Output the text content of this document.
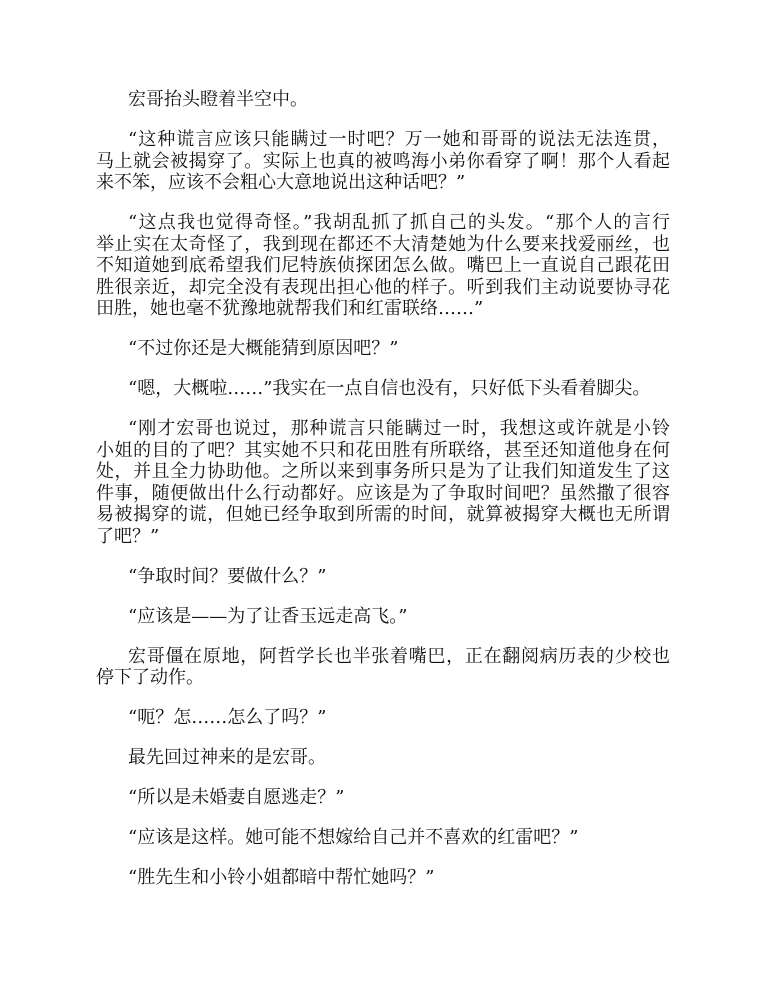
宏哥抬头瞪着半空中。
“这种谎言应该只能瞒过一时吧？万一她和哥哥的说法无法连贯，
马上就会被揭穿了。实际上也真的被鸣海小弟你看穿了啊！那个人看起
来不笨，应该不会粗心大意地说出这种话吧？”
“这点我也觉得奇怪。”我胡乱抓了抓自己的头发。“那个人的言行
举止实在太奇怪了，我到现在都还不大清楚她为什么要来找爱丽丝，也
不知道她到底希望我们尼特族侦探团怎么做。嘴巴上一直说自己跟花田
胜很亲近，却完全没有表现出担心他的样子。听到我们主动说要协寻花
田胜，她也毫不犹豫地就帮我们和红雷联络……”
“不过你还是大概能猜到原因吧？”
“嗯，大概啦……”我实在一点自信也没有，只好低下头看着脚尖。
“刚才宏哥也说过，那种谎言只能瞒过一时，我想这或许就是小铃
小姐的目的了吧？其实她不只和花田胜有所联络，甚至还知道他身在何
处，并且全力协助他。之所以来到事务所只是为了让我们知道发生了这
件事，随便做出什么行动都好。应该是为了争取时间吧？虽然撒了很容
易被揭穿的谎，但她已经争取到所需的时间，就算被揭穿大概也无所谓
了吧？”
“争取时间？要做什么？”
“应该是——为了让香玉远走高飞。”
宏哥僵在原地，阿哲学长也半张着嘴巴，正在翻阅病历表的少校也
停下了动作。
“呃？怎……怎么了吗？”
最先回过神来的是宏哥。
“所以是未婚妻自愿逃走？”
“应该是这样。她可能不想嫁给自己并不喜欢的红雷吧？”
“胜先生和小铃小姐都暗中帮忙她吗？”
